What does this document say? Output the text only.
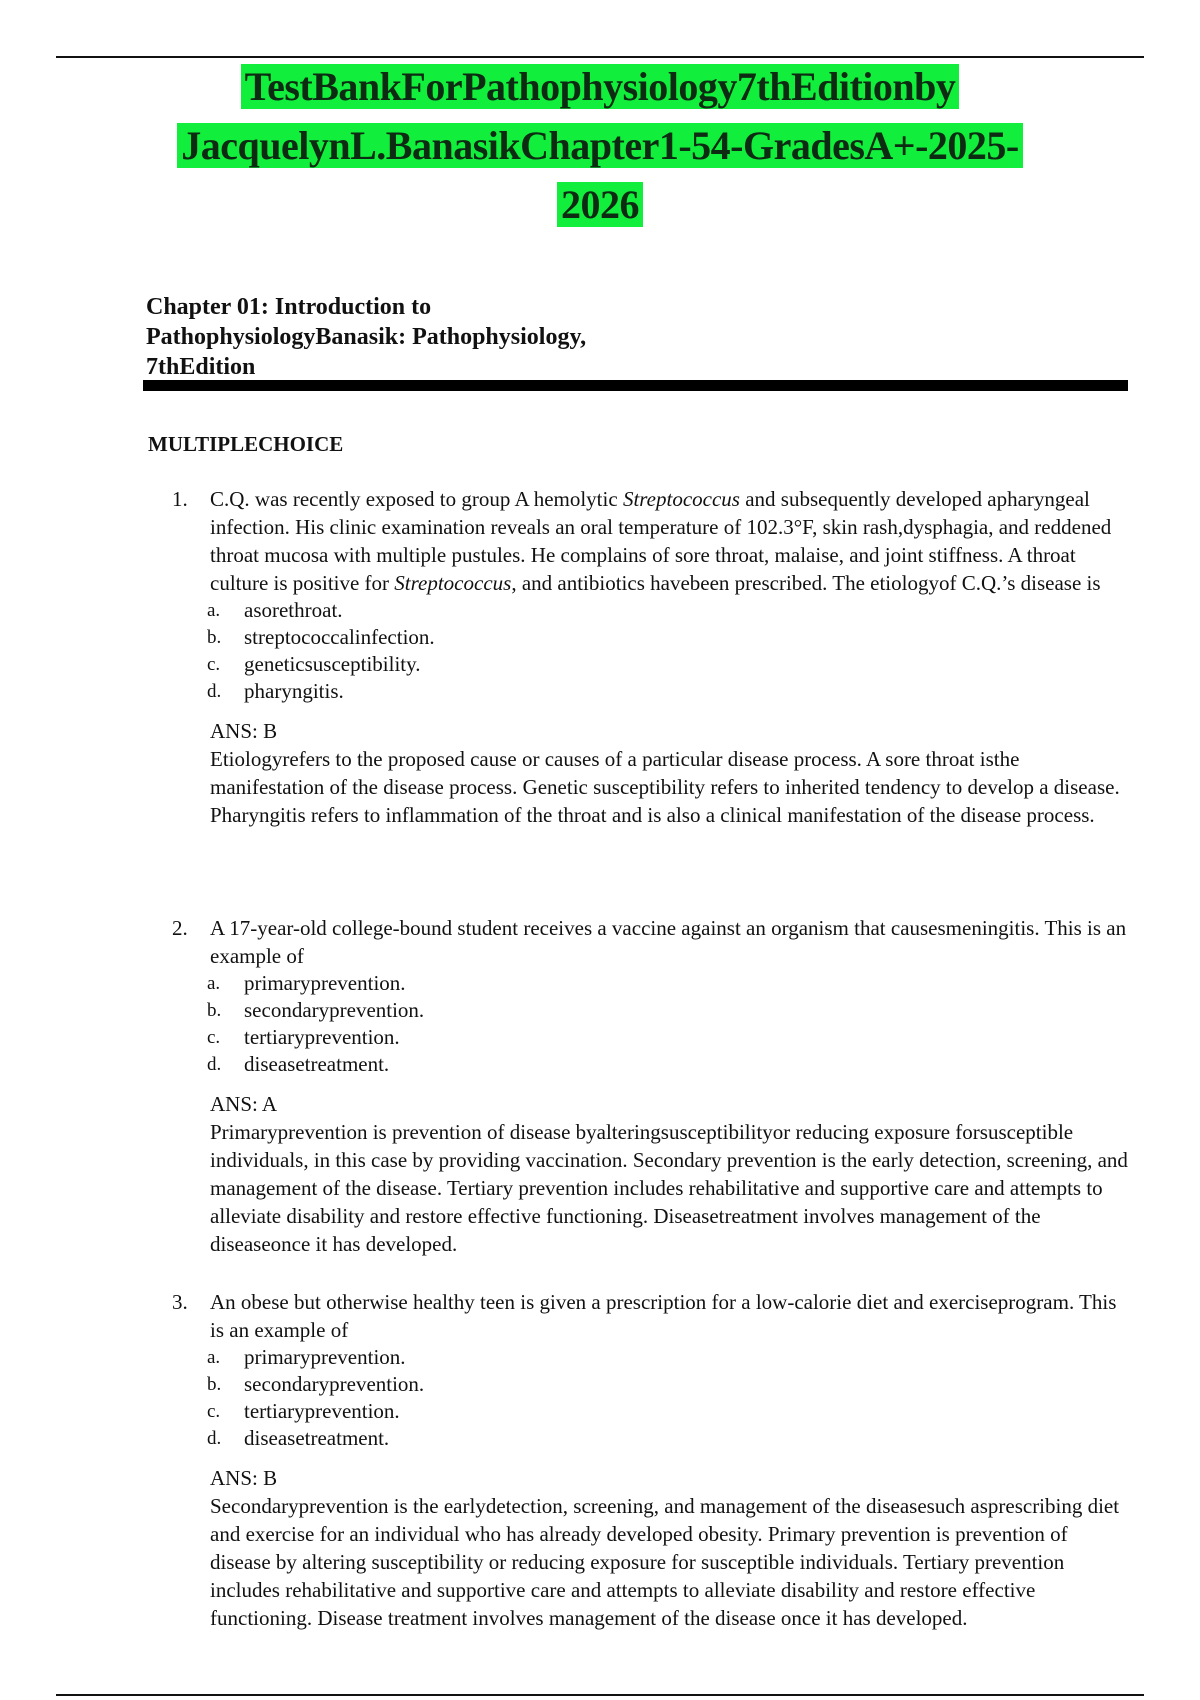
TestBankForPathophysiology7thEditionby
JacquelynL.BanasikChapter1-54-GradesA+-2025-
2026
Chapter 01: Introduction to
PathophysiologyBanasik: Pathophysiology,
7thEdition
MULTIPLECHOICE
1. C.Q. was recently exposed to group A hemolytic Streptococcus and subsequently developed apharyngeal infection. His clinic examination reveals an oral temperature of 102.3°F, skin rash,dysphagia, and reddened throat mucosa with multiple pustules. He complains of sore throat, malaise, and joint stiffness. A throat culture is positive for Streptococcus, and antibiotics havebeen prescribed. The etiologyof C.Q.’s disease is

a. asorethroat.
b. streptococcalinfection.
c. geneticsusceptibility.
d. pharyngitis.
ANS: B

Etiologyrefers to the proposed cause or causes of a particular disease process. A sore throat isthe manifestation of the disease process. Genetic susceptibility refers to inherited tendency to develop a disease. Pharyngitis refers to inflammation of the throat and is also a clinical manifestation of the disease process.

2. A 17-year-old college-bound student receives a vaccine against an organism that causesmeningitis. This is an example of

a. primaryprevention.
b. secondaryprevention.
c. tertiaryprevention.
d. diseasetreatment.
ANS: A

Primaryprevention is prevention of disease byalteringsusceptibilityor reducing exposure forsusceptible individuals, in this case by providing vaccination. Secondary prevention is the early detection, screening, and management of the disease. Tertiary prevention includes rehabilitative and supportive care and attempts to alleviate disability and restore effective functioning. Diseasetreatment involves management of the diseaseonce it has developed.

3. An obese but otherwise healthy teen is given a prescription for a low-calorie diet and exerciseprogram. This is an example of

a. primaryprevention.
b. secondaryprevention.
c. tertiaryprevention.
d. diseasetreatment.
ANS: B

Secondaryprevention is the earlydetection, screening, and management of the diseasesuch asprescribing diet and exercise for an individual who has already developed obesity. Primary prevention is prevention of disease by altering susceptibility or reducing exposure for susceptible individuals. Tertiary prevention includes rehabilitative and supportive care and attempts to alleviate disability and restore effective functioning. Disease treatment involves management of the disease once it has developed.
